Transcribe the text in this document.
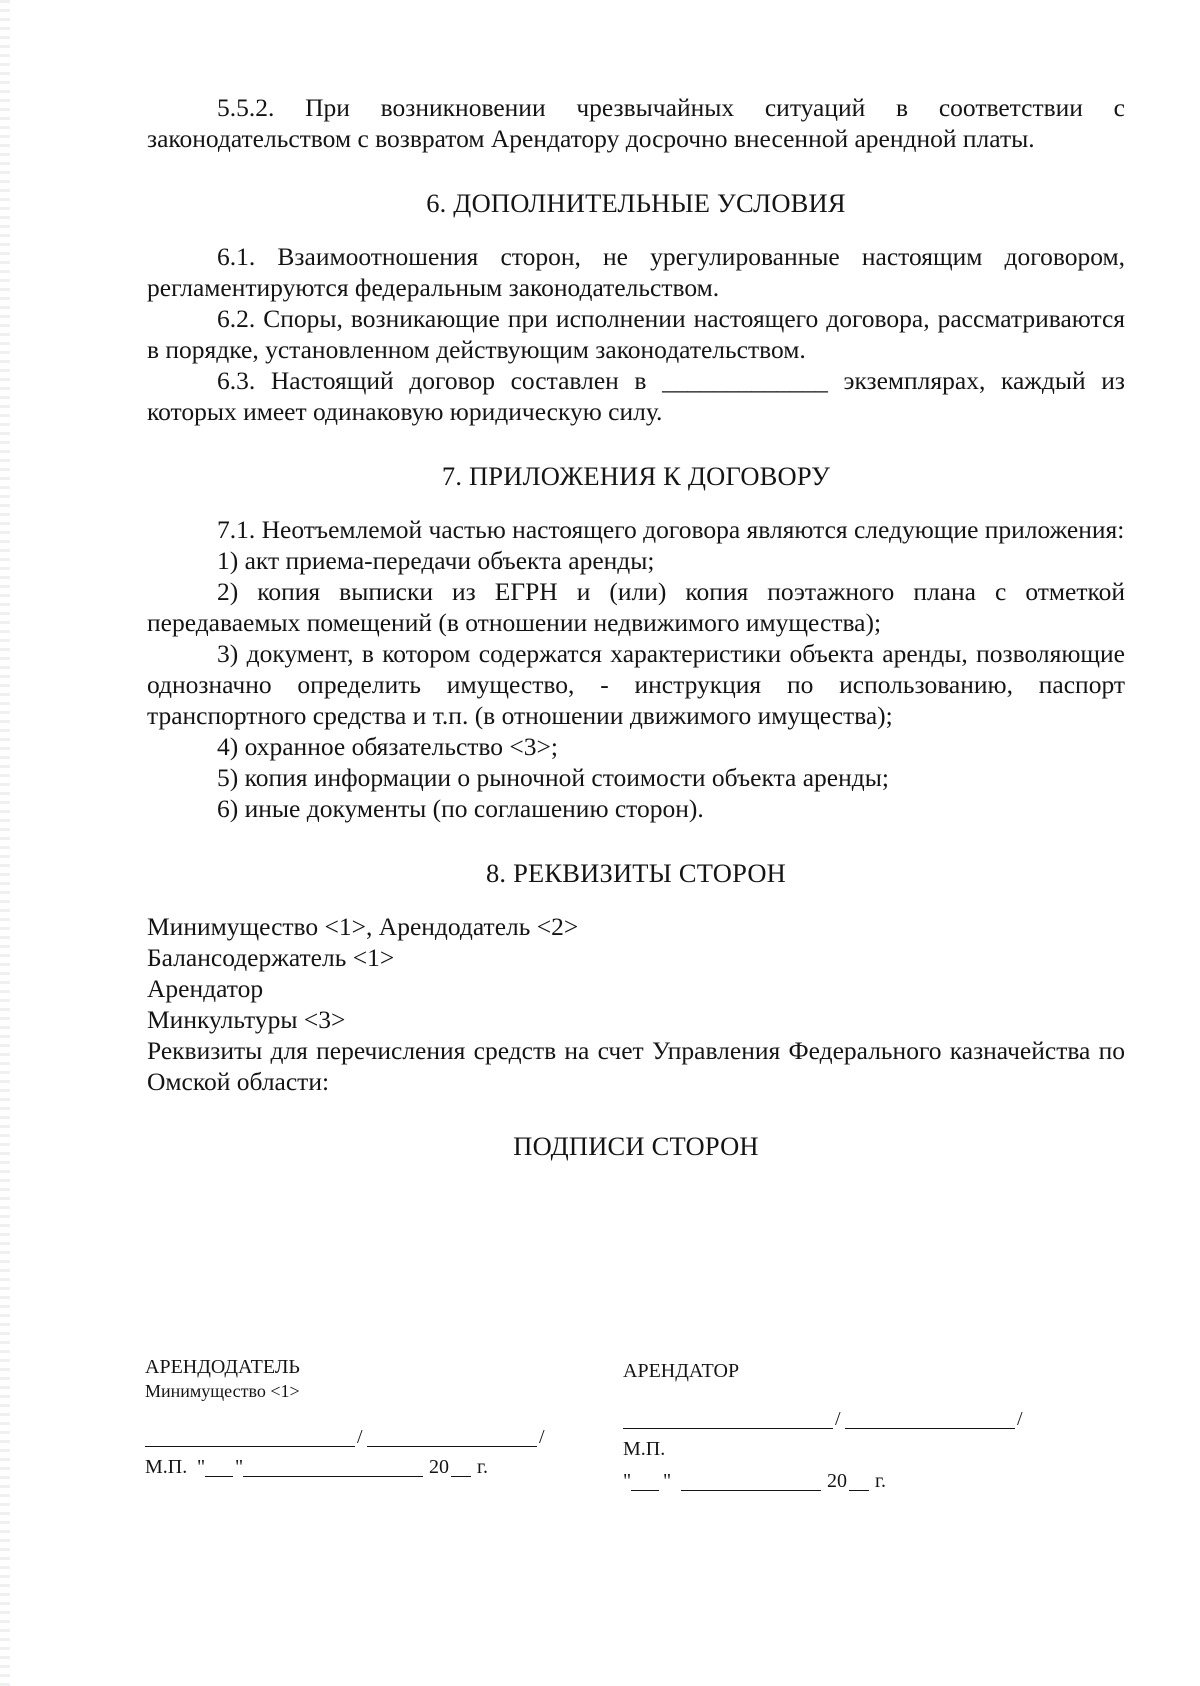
5.5.2. При возникновении чрезвычайных ситуаций в соответствии с законодательством с возвратом Арендатору досрочно внесенной арендной платы.

6. ДОПОЛНИТЕЛЬНЫЕ УСЛОВИЯ

6.1. Взаимоотношения сторон, не урегулированные настоящим договором, регламентируются федеральным законодательством.

6.2. Споры, возникающие при исполнении настоящего договора, рассматриваются в порядке, установленном действующим законодательством.

6.3. Настоящий договор составлен в _____________ экземплярах, каждый из которых имеет одинаковую юридическую силу.

7. ПРИЛОЖЕНИЯ К ДОГОВОРУ

7.1. Неотъемлемой частью настоящего договора являются следующие приложения:

1) акт приема-передачи объекта аренды;

2) копия выписки из ЕГРН и (или) копия поэтажного плана с отметкой передаваемых помещений (в отношении недвижимого имущества);

3) документ, в котором содержатся характеристики объекта аренды, позволяющие однозначно определить имущество, - инструкция по использованию, паспорт транспортного средства и т.п. (в отношении движимого имущества);

4) охранное обязательство <3>;

5) копия информации о рыночной стоимости объекта аренды;

6) иные документы (по соглашению сторон).

8. РЕКВИЗИТЫ СТОРОН

Минимущество <1>, Арендодатель <2>

Балансодержатель <1>

Арендатор

Минкультуры <3>

Реквизиты для перечисления средств на счет Управления Федерального казначейства по Омской области:

ПОДПИСИ СТОРОН

АРЕНДОДАТЕЛЬ
Минимущество <1>
/	/
М.П. " "	20 г.
АРЕНДАТОР
/	/
М.П.
" "	20 г.
